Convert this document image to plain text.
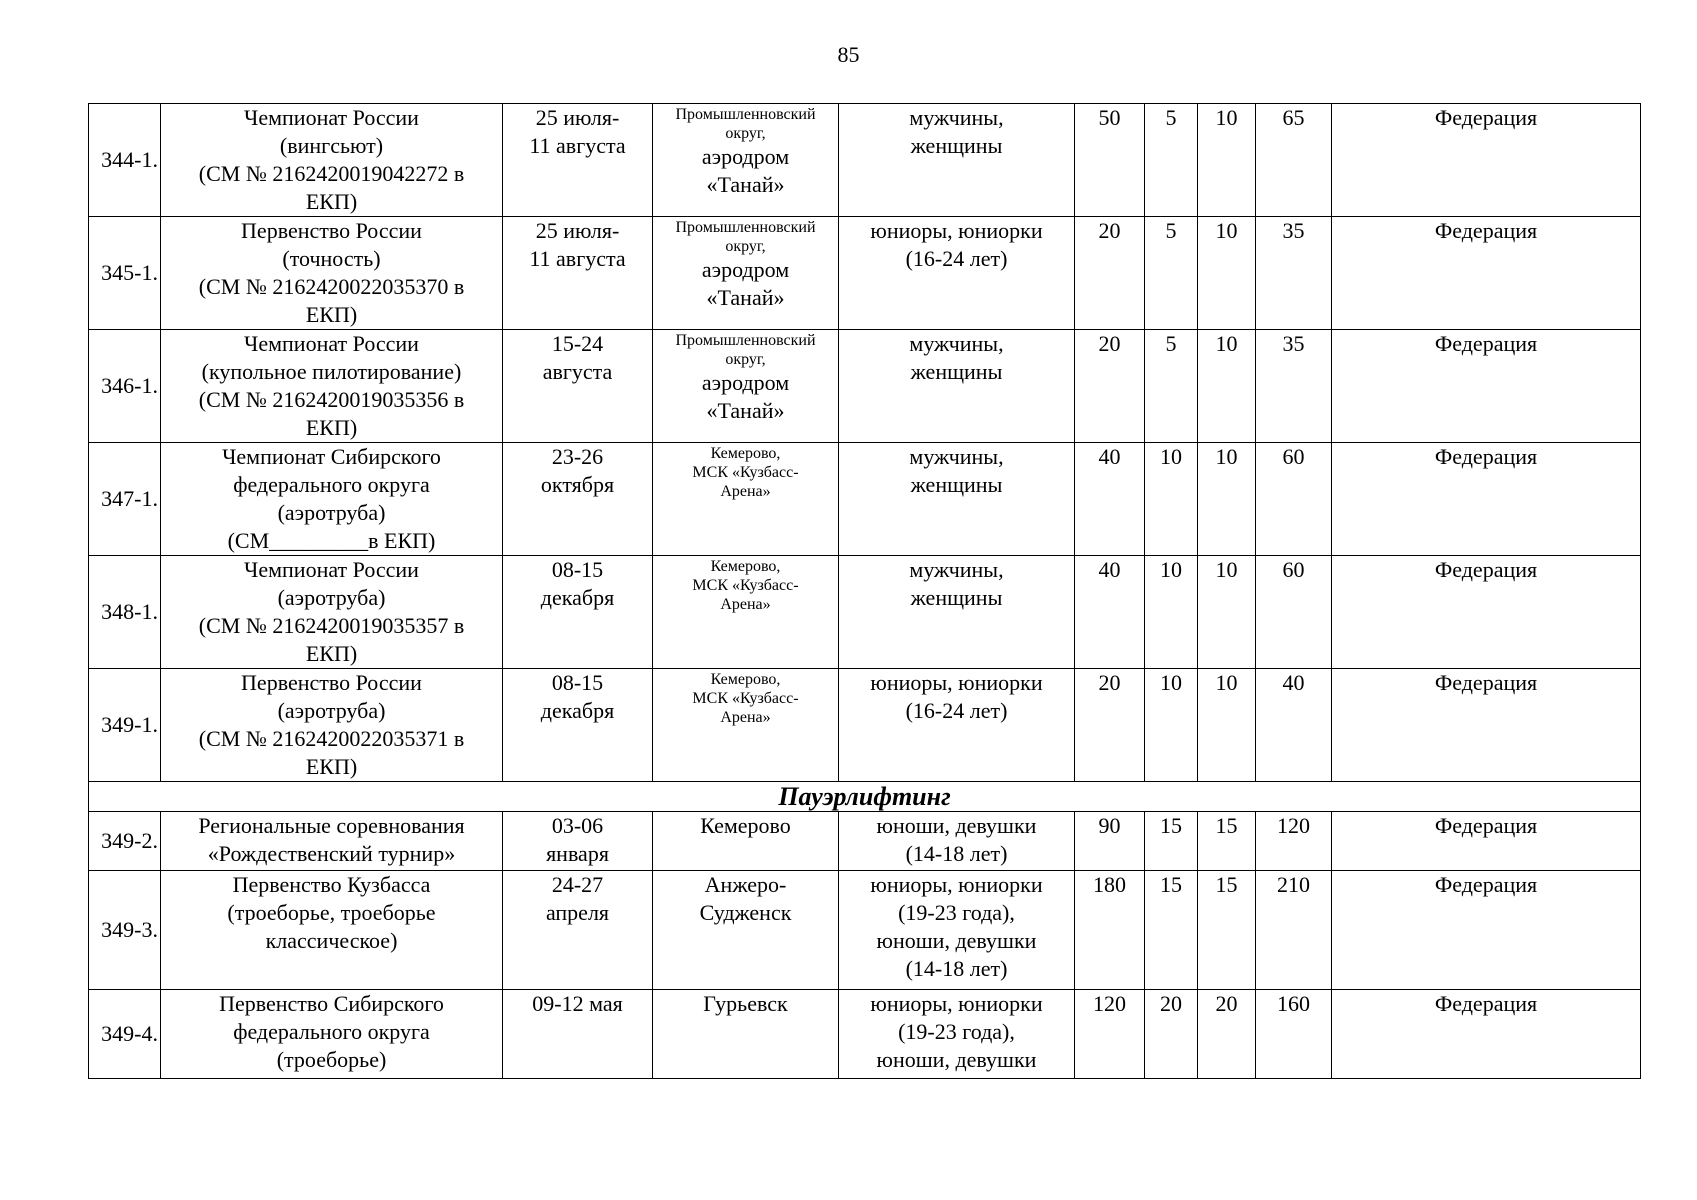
85
344-1.	Чемпионат России
(вингсьют)
(СМ № 2162420019042272 в
ЕКП)	25 июля-
11 августа	Промышленновский
округ,
аэродром
«Танай»	мужчины,
женщины	50	5	10	65	Федерация
345-1.	Первенство России
(точность)
(СМ № 2162420022035370 в
ЕКП)	25 июля-
11 августа	Промышленновский
округ,
аэродром
«Танай»	юниоры, юниорки
(16-24 лет)	20	5	10	35	Федерация
346-1.	Чемпионат России
(купольное пилотирование)
(СМ № 2162420019035356 в
ЕКП)	15-24
августа	Промышленновский
округ,
аэродром
«Танай»	мужчины,
женщины	20	5	10	35	Федерация
347-1.	Чемпионат Сибирского
федерального округа
(аэротруба)
(СМ_________в ЕКП)	23-26
октября	Кемерово,
МСК «Кузбасс-
Арена»	мужчины,
женщины	40	10	10	60	Федерация
348-1.	Чемпионат России
(аэротруба)
(СМ № 2162420019035357 в
ЕКП)	08-15
декабря	Кемерово,
МСК «Кузбасс-
Арена»	мужчины,
женщины	40	10	10	60	Федерация
349-1.	Первенство России
(аэротруба)
(СМ № 2162420022035371 в
ЕКП)	08-15
декабря	Кемерово,
МСК «Кузбасс-
Арена»	юниоры, юниорки
(16-24 лет)	20	10	10	40	Федерация
Пауэрлифтинг									
349-2.	Региональные соревнования
«Рождественский турнир»	03-06
января	Кемерово	юноши, девушки
(14-18 лет)	90	15	15	120	Федерация
349-3.	Первенство Кузбасса
(троеборье, троеборье
классическое)	24-27
апреля	Анжеро-
Судженск	юниоры, юниорки
(19-23 года),
юноши, девушки
(14-18 лет)	180	15	15	210	Федерация
349-4.	Первенство Сибирского
федерального округа
(троеборье)	09-12 мая	Гурьевск	юниоры, юниорки
(19-23 года),
юноши, девушки	120	20	20	160	Федерация
